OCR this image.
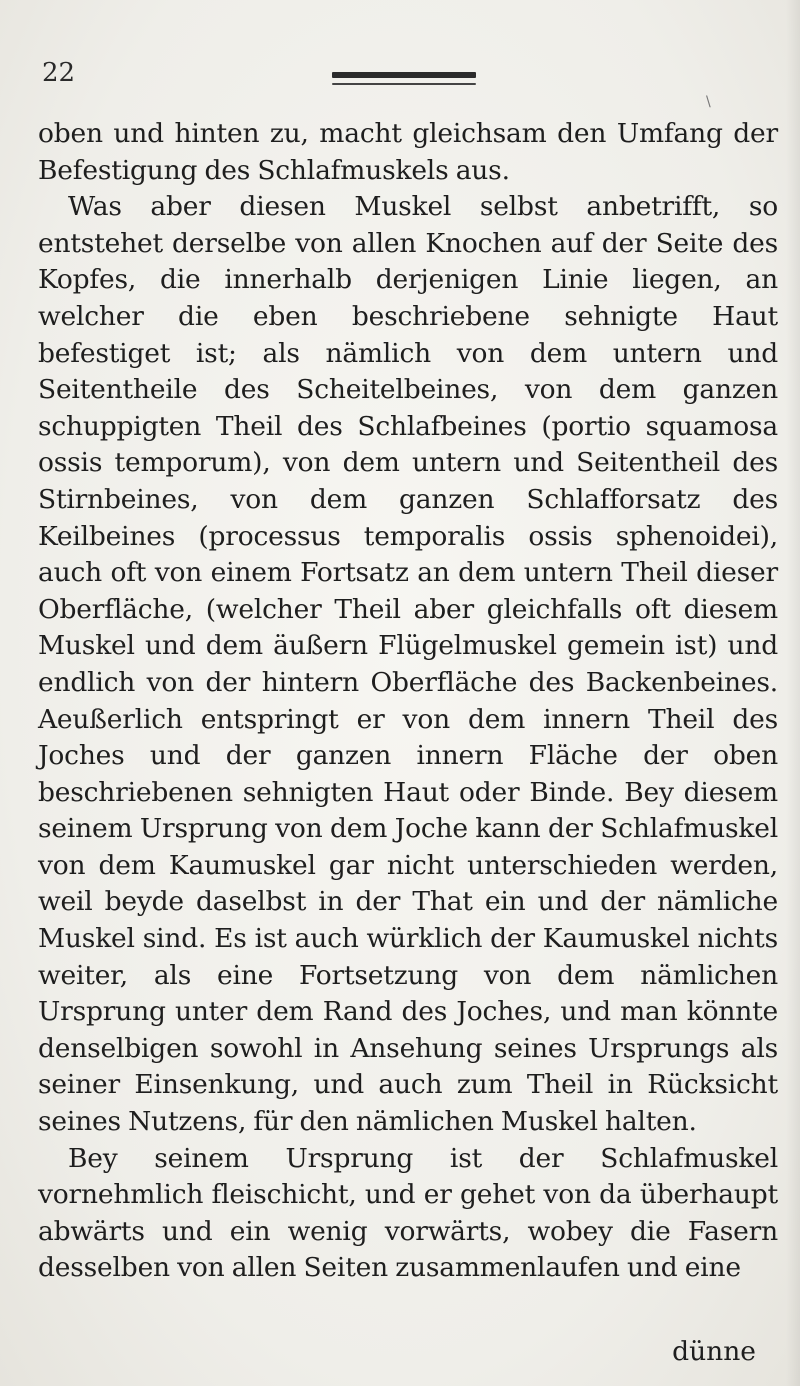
22
\

oben und hinten zu, macht gleichsam den Umfang der Befestigung des Schlafmuskels aus.

Was aber diesen Muskel selbst anbetrifft, so entstehet derselbe von allen Knochen auf der Seite des Kopfes, die innerhalb derjenigen Linie liegen, an welcher die eben beschriebene sehnigte Haut befestiget ist; als nämlich von dem untern und Seitentheile des Scheitelbeines, von dem ganzen schuppigten Theil des Schlafbeines (portio squamosa ossis temporum), von dem untern und Seitentheil des Stirnbeines, von dem ganzen Schlafforsatz des Keilbeines (processus temporalis ossis sphenoidei), auch oft von einem Fortsatz an dem untern Theil dieser Oberfläche, (welcher Theil aber gleichfalls oft diesem Muskel und dem äußern Flügelmuskel gemein ist) und endlich von der hintern Oberfläche des Backenbeines. Aeußerlich entspringt er von dem innern Theil des Joches und der ganzen innern Fläche der oben beschriebenen sehnigten Haut oder Binde. Bey diesem seinem Ursprung von dem Joche kann der Schlafmuskel von dem Kaumuskel gar nicht unterschieden werden, weil beyde daselbst in der That ein und der nämliche Muskel sind. Es ist auch würklich der Kaumuskel nichts weiter, als eine Fortsetzung von dem nämlichen Ursprung unter dem Rand des Joches, und man könnte denselbigen sowohl in Ansehung seines Ursprungs als seiner Einsenkung, und auch zum Theil in Rücksicht seines Nutzens, für den nämlichen Muskel halten.

Bey seinem Ursprung ist der Schlafmuskel vornehmlich fleischicht, und er gehet von da überhaupt abwärts und ein wenig vorwärts, wobey die Fasern desselben von allen Seiten zusammenlaufen und eine

dünne
